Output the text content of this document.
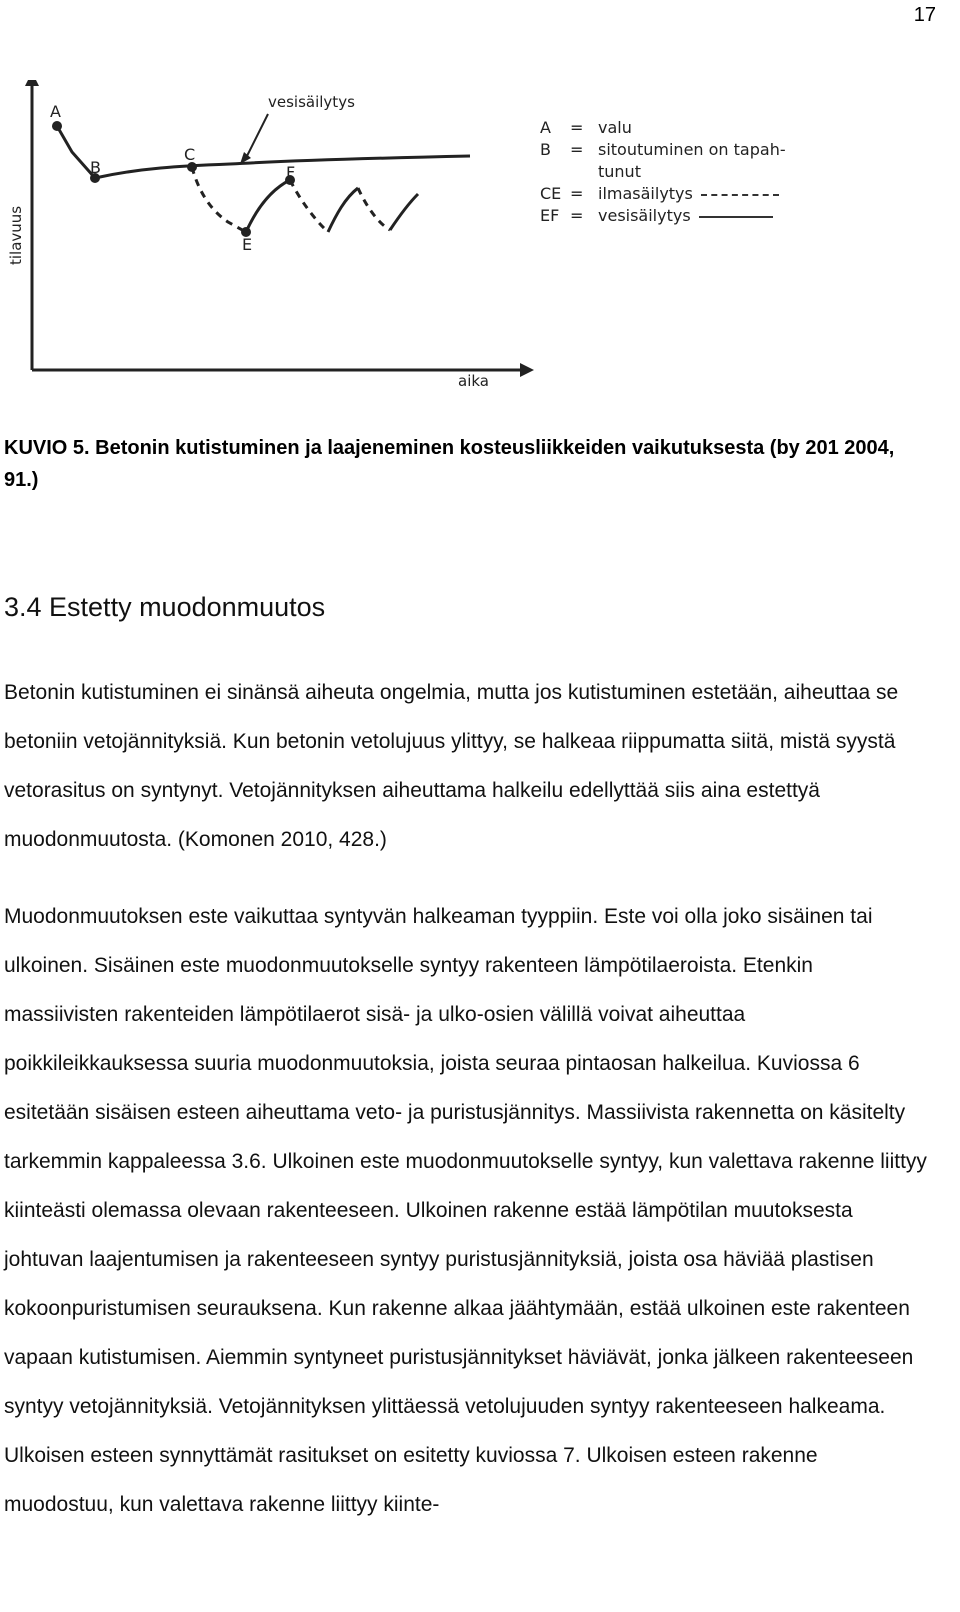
17
A
B
C
E
F
vesisäilytys
aika
tilavuus
A	= valu
B	= sitoutuminen on tapah-
tunut
CE = ilmasäilytys
EF = vesisäilytys
KUVIO 5. Betonin kutistuminen ja laajeneminen kosteusliikkeiden vaikutuksesta (by 201 2004, 91.)
3.4 Estetty muodonmuutos

Betonin kutistuminen ei sinänsä aiheuta ongelmia, mutta jos kutistuminen estetään, aiheuttaa se betoniin vetojännityksiä. Kun betonin vetolujuus ylittyy, se halkeaa riippumatta siitä, mistä syystä vetorasitus on syntynyt. Vetojännityksen aiheuttama halkeilu edellyttää siis aina estettyä muodonmuutosta. (Komonen 2010, 428.)

Muodonmuutoksen este vaikuttaa syntyvän halkeaman tyyppiin. Este voi olla joko sisäinen tai ulkoinen. Sisäinen este muodonmuutokselle syntyy rakenteen lämpötilaeroista. Etenkin massiivisten rakenteiden lämpötilaerot sisä- ja ulko-osien välillä voivat aiheuttaa poikkileikkauksessa suuria muodonmuutoksia, joista seuraa pintaosan halkeilua. Kuviossa 6 esitetään sisäisen esteen aiheuttama veto- ja puristusjännitys. Massiivista rakennetta on käsitelty tarkemmin kappaleessa 3.6. Ulkoinen este muodonmuutokselle syntyy, kun valettava rakenne liittyy kiinteästi olemassa olevaan rakenteeseen. Ulkoinen rakenne estää lämpötilan muutoksesta johtuvan laajentumisen ja rakenteeseen syntyy puristusjännityksiä, joista osa häviää plastisen kokoonpuristumisen seurauksena. Kun rakenne alkaa jäähtymään, estää ulkoinen este rakenteen vapaan kutistumisen. Aiemmin syntyneet puristusjännitykset häviävät, jonka jälkeen rakenteeseen syntyy vetojännityksiä. Vetojännityksen ylittäessä vetolujuuden syntyy rakenteeseen halkeama. Ulkoisen esteen synnyttämät rasitukset on esitetty kuviossa 7. Ulkoisen esteen rakenne muodostuu, kun valettava rakenne liittyy kiinte-
